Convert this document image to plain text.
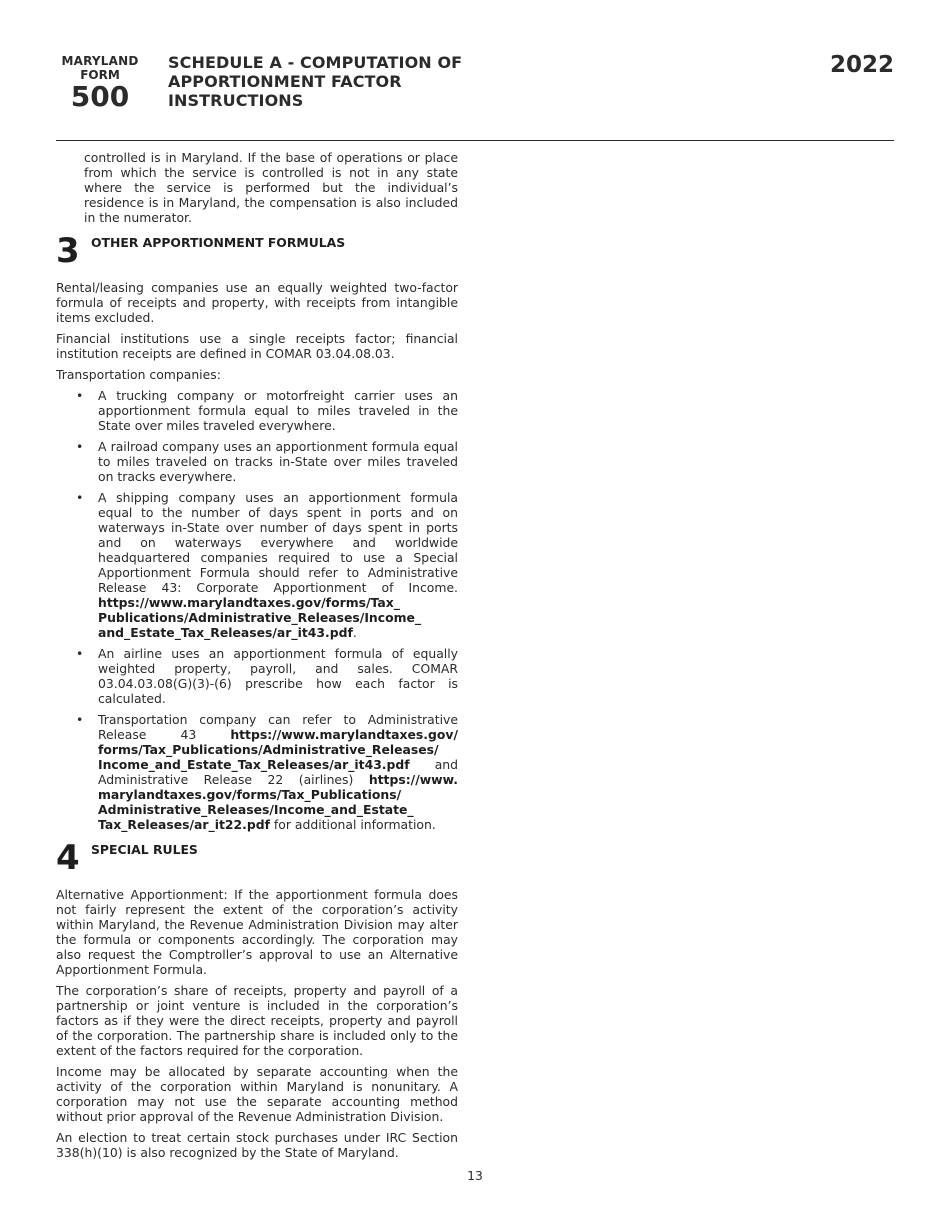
MARYLAND
FORM
500
SCHEDULE A - COMPUTATION OF
APPORTIONMENT FACTOR
INSTRUCTIONS
2022

controlled is in Maryland. If the base of operations or place from which the service is controlled is not in any state where the service is performed but the individual’s residence is in Maryland, the compensation is also included in the numerator.

3 OTHER APPORTIONMENT FORMULAS

Rental/leasing companies use an equally weighted two-factor formula of receipts and property, with receipts from intangible items excluded.

Financial institutions use a single receipts factor; financial institution receipts are defined in COMAR 03.04.08.03.

Transportation companies:

• A trucking company or motorfreight carrier uses an apportionment formula equal to miles traveled in the State over miles traveled everywhere.
• A railroad company uses an apportionment formula equal to miles traveled on tracks in-State over miles traveled on tracks everywhere.
• A shipping company uses an apportionment formula equal to the number of days spent in ports and on waterways in-State over number of days spent in ports and on waterways everywhere and worldwide headquartered companies required to use a Special Apportionment Formula should refer to Administrative Release 43: Corporate Apportionment of Income. https://www.marylandtaxes.gov/forms/Tax_ Publications/Administrative_Releases/Income_ and_Estate_Tax_Releases/ar_it43.pdf.
• An airline uses an apportionment formula of equally weighted property, payroll, and sales. COMAR 03.04.03.08(G)(3)-(6) prescribe how each factor is calculated.
• Transportation company can refer to Administrative Release 43 https://www.marylandtaxes.gov/ forms/Tax_Publications/Administrative_Releases/ Income_and_Estate_Tax_Releases/ar_it43.pdf and Administrative Release 22 (airlines) https://www. marylandtaxes.gov/forms/Tax_Publications/ Administrative_Releases/Income_and_Estate_ Tax_Releases/ar_it22.pdf for additional information.
4 SPECIAL RULES

Alternative Apportionment: If the apportionment formula does not fairly represent the extent of the corporation’s activity within Maryland, the Revenue Administration Division may alter the formula or components accordingly. The corporation may also request the Comptroller’s approval to use an Alternative Apportionment Formula.

The corporation’s share of receipts, property and payroll of a partnership or joint venture is included in the corporation’s factors as if they were the direct receipts, property and payroll of the corporation. The partnership share is included only to the extent of the factors required for the corporation.

Income may be allocated by separate accounting when the activity of the corporation within Maryland is nonunitary. A corporation may not use the separate accounting method without prior approval of the Revenue Administration Division.

An election to treat certain stock purchases under IRC Section 338(h)(10) is also recognized by the State of Maryland.

13
